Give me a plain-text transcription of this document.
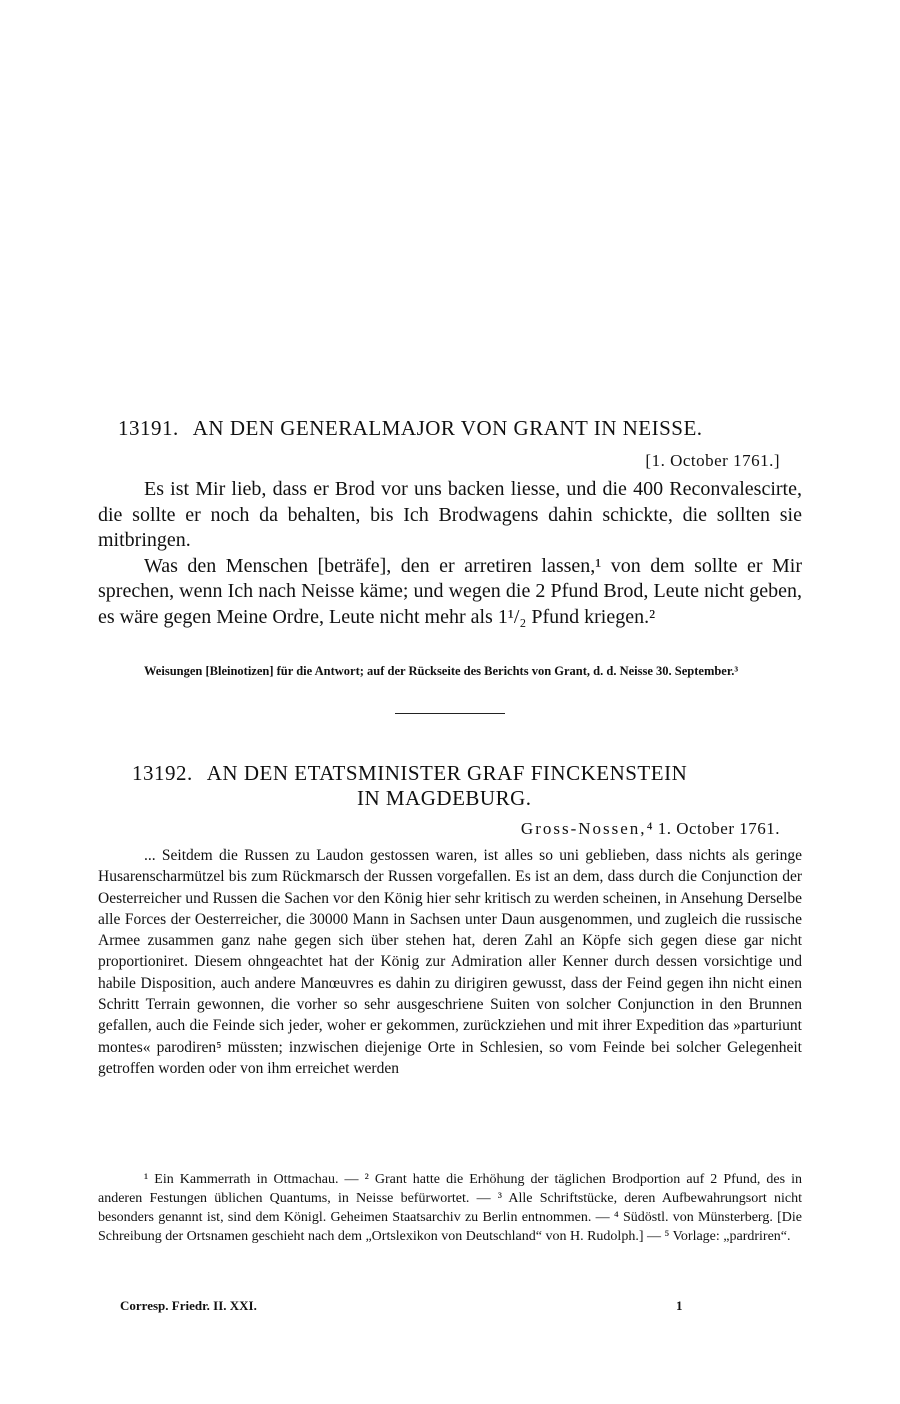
13191. AN DEN GENERALMAJOR VON GRANT IN NEISSE.
[1. October 1761.]

Es ist Mir lieb, dass er Brod vor uns backen liesse, und die 400 Reconvalescirte, die sollte er noch da behalten, bis Ich Brodwagens dahin schickte, die sollten sie mitbringen.

Was den Menschen [beträfe], den er arretiren lassen,¹ von dem sollte er Mir sprechen, wenn Ich nach Neisse käme; und wegen die 2 Pfund Brod, Leute nicht geben, es wäre gegen Meine Ordre, Leute nicht mehr als 1¹/₂ Pfund kriegen.²

Weisungen [Bleinotizen] für die Antwort; auf der Rückseite des Berichts von Grant, d. d. Neisse 30. September.³

13192. AN DEN ETATSMINISTER GRAF FINCKENSTEIN
IN MAGDEBURG.
Gross-Nossen,⁴ 1. October 1761.

... Seitdem die Russen zu Laudon gestossen waren, ist alles so uni geblieben, dass nichts als geringe Husarenscharmützel bis zum Rückmarsch der Russen vorgefallen. Es ist an dem, dass durch die Conjunction der Oesterreicher und Russen die Sachen vor den König hier sehr kritisch zu werden scheinen, in Ansehung Derselbe alle Forces der Oesterreicher, die 30000 Mann in Sachsen unter Daun ausgenommen, und zugleich die russische Armee zusammen ganz nahe gegen sich über stehen hat, deren Zahl an Köpfe sich gegen diese gar nicht proportioniret. Diesem ohngeachtet hat der König zur Admiration aller Kenner durch dessen vorsichtige und habile Disposition, auch andere Manœuvres es dahin zu dirigiren gewusst, dass der Feind gegen ihn nicht einen Schritt Terrain gewonnen, die vorher so sehr ausgeschriene Suiten von solcher Conjunction in den Brunnen gefallen, auch die Feinde sich jeder, woher er gekommen, zurückziehen und mit ihrer Expedition das »parturiunt montes« parodiren⁵ müssten; inzwischen diejenige Orte in Schlesien, so vom Feinde bei solcher Gelegenheit getroffen worden oder von ihm erreichet werden

¹ Ein Kammerrath in Ottmachau. — ² Grant hatte die Erhöhung der täglichen Brodportion auf 2 Pfund, des in anderen Festungen üblichen Quantums, in Neisse befürwortet. — ³ Alle Schriftstücke, deren Aufbewahrungsort nicht besonders genannt ist, sind dem Königl. Geheimen Staatsarchiv zu Berlin entnommen. — ⁴ Südöstl. von Münsterberg. [Die Schreibung der Ortsnamen geschieht nach dem „Ortslexikon von Deutschland“ von H. Rudolph.] — ⁵ Vorlage: „pardriren“.

Corresp. Friedr. II. XXI.	1
